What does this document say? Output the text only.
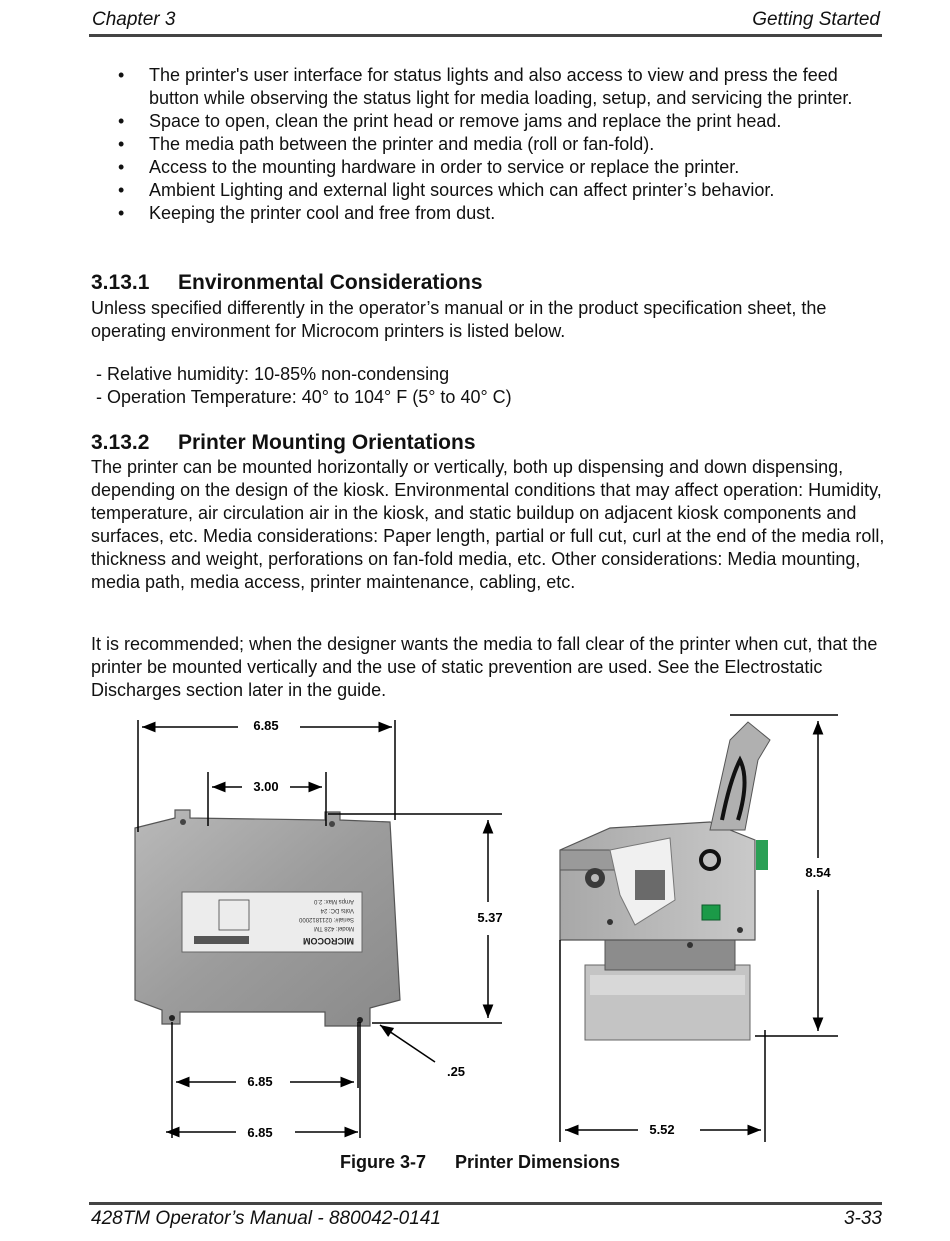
Chapter 3	Getting Started
• The printer's user interface for status lights and also access to view and press the feed button while observing the status light for media loading, setup, and servicing the printer.
• Space to open, clean the print head or remove jams and replace the print head.
• The media path between the printer and media (roll or fan-fold).
• Access to the mounting hardware in order to service or replace the printer.
• Ambient Lighting and external light sources which can affect printer’s behavior.
• Keeping the printer cool and free from dust.
3.13.1 Environmental Considerations
Unless specified differently in the operator’s manual or in the product specification sheet, the operating environment for Microcom printers is listed below.
- Relative humidity: 10-85% non-condensing
- Operation Temperature: 40° to 104° F (5° to 40° C)
3.13.2 Printer Mounting Orientations
The printer can be mounted horizontally or vertically, both up dispensing and down dispensing, depending on the design of the kiosk. Environmental conditions that may affect operation: Humidity, temperature, air circulation air in the kiosk, and static buildup on adjacent kiosk components and surfaces, etc. Media considerations: Paper length, partial or full cut, curl at the end of the media roll, thickness and weight, perforations on fan-fold media, etc. Other considerations: Media mounting, media path, media access, printer maintenance, cabling, etc.
It is recommended; when the designer wants the media to fall clear of the printer when cut, that the printer be mounted vertically and the use of static prevention are used. See the Electrostatic Discharges section later in the guide.
MICROCOM
Model: 428 TM
Serial#: 0211812000
Volts DC: 24
Amps Max: 2.0
6.85
3.00
5.37
.25
6.85
6.85
8.54
5.52
Figure 3-7 Printer Dimensions
428TM Operator’s Manual - 880042-0141	3-33
